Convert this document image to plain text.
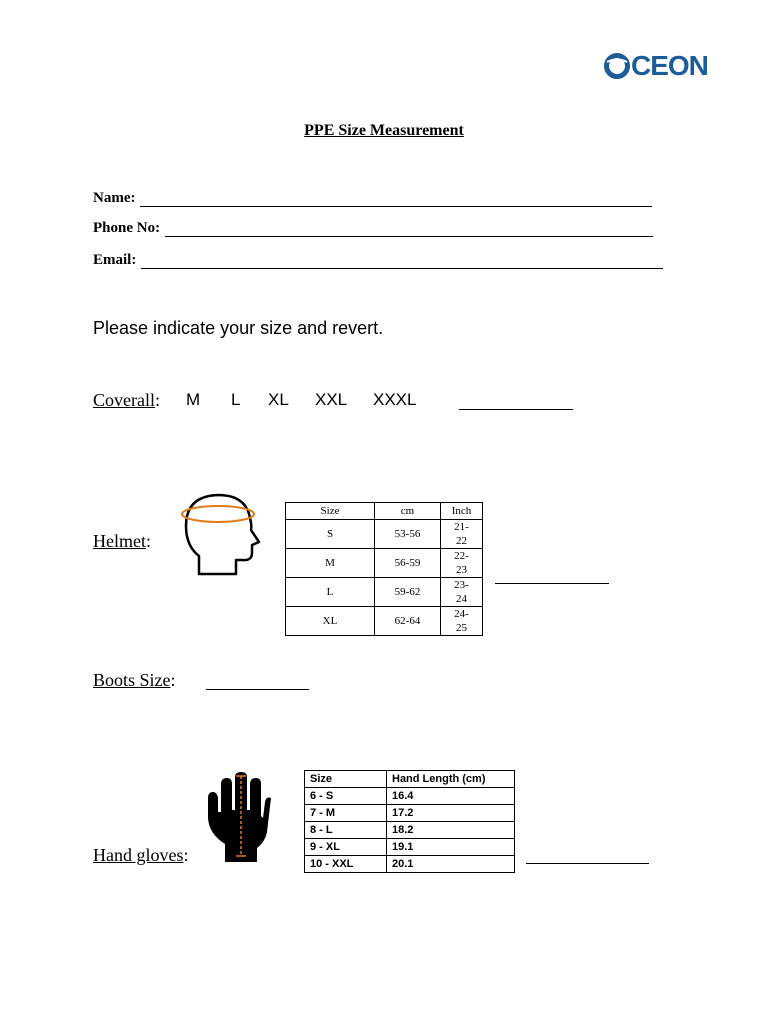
CEON
PPE Size Measurement
Name:
Phone No:
Email:
Please indicate your size and revert.
Coverall: M L XL XXL XXXL
Helmet:
Size	cm	Inch
S	53-56	21-
22
M	56-59	22-
23
L	59-62	23-
24
XL	62-64	24-
25
Boots Size:
Hand gloves:
Size	Hand Length (cm)
6 - S	16.4
7 - M	17.2
8 - L	18.2
9 - XL	19.1
10 - XXL	20.1
